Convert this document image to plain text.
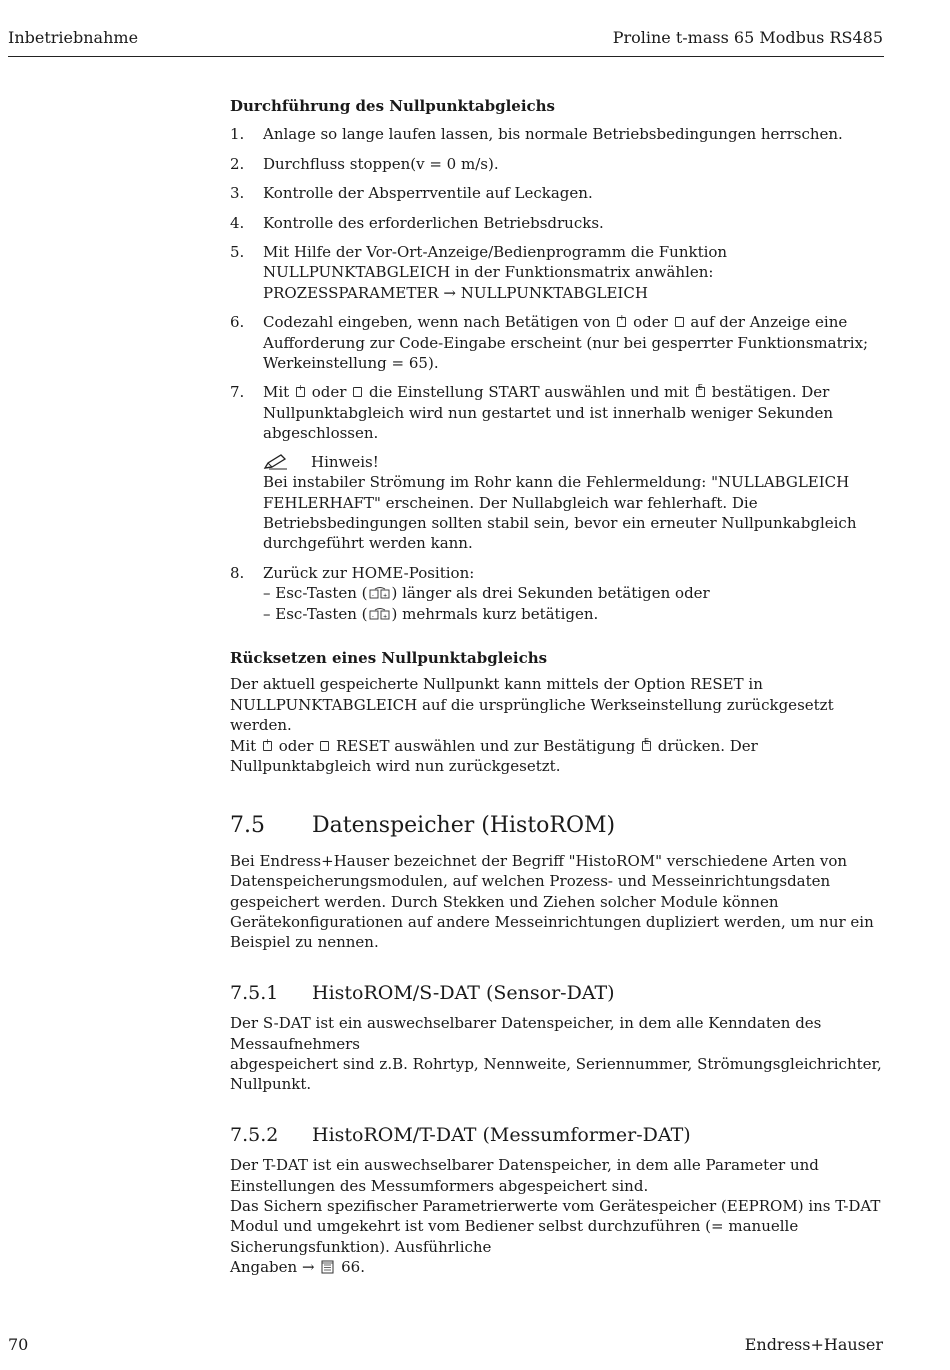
Inbetriebnahme	Proline t-mass 65 Modbus RS485
Durchführung des Nullpunktabgleichs
1. Anlage so lange laufen lassen, bis normale Betriebsbedingungen herrschen.
2. Durchfluss stoppen(v = 0 m/s).
3. Kontrolle der Absperrventile auf Leckagen.
4. Kontrolle des erforderlichen Betriebsdrucks.
5. Mit Hilfe der Vor-Ort-Anzeige/Bedienprogramm die Funktion NULLPUNKTABGLEICH in der Funktionsmatrix anwählen:
PROZESSPARAMETER → NULLPUNKTABGLEICH
6. Codezahl eingeben, wenn nach Betätigen von + oder − auf der Anzeige eine Aufforderung zur Code-Eingabe erscheint (nur bei gesperrter Funktionsmatrix; Werkeinstellung = 65).
7. Mit + oder − die Einstellung START auswählen und mit E bestätigen. Der Nullpunktabgleich wird nun gestartet und ist innerhalb weniger Sekunden abgeschlossen.
Hinweis!
Bei instabiler Strömung im Rohr kann die Fehlermeldung: "NULLABGLEICH FEHLERHAFT" erscheinen. Der Nullabgleich war fehlerhaft. Die Betriebsbedingungen sollten stabil sein, bevor ein erneuter Nullpunkabgleich durchgeführt werden kann.
8. Zurück zur HOME-Position:
– Esc-Tasten ( - + ) länger als drei Sekunden betätigen oder
– Esc-Tasten ( - + ) mehrmals kurz betätigen.
Rücksetzen eines Nullpunktabgleichs

Der aktuell gespeicherte Nullpunkt kann mittels der Option RESET in NULLPUNKTABGLEICH auf die ursprüngliche Werkseinstellung zurückgesetzt werden.

Mit + oder − RESET auswählen und zur Bestätigung E drücken. Der Nullpunktabgleich wird nun zurückgesetzt.

7.5	Datenspeicher (HistoROM)

Bei Endress+Hauser bezeichnet der Begriff "HistoROM" verschiedene Arten von Datenspeicherungsmodulen, auf welchen Prozess- und Messeinrichtungsdaten gespeichert werden. Durch Stekken und Ziehen solcher Module können Gerätekonfigurationen auf andere Messeinrichtungen dupliziert werden, um nur ein Beispiel zu nennen.

7.5.1	HistoROM/S-DAT (Sensor-DAT)

Der S-DAT ist ein auswechselbarer Datenspeicher, in dem alle Kenndaten des Messaufnehmers

abgespeichert sind z.B. Rohrtyp, Nennweite, Seriennummer, Strömungsgleichrichter, Nullpunkt.

7.5.2	HistoROM/T-DAT (Messumformer-DAT)

Der T-DAT ist ein auswechselbarer Datenspeicher, in dem alle Parameter und Einstellungen des Messumformers abgespeichert sind.

Das Sichern spezifischer Parametrierwerte vom Gerätespeicher (EEPROM) ins T-DAT Modul und umgekehrt ist vom Bediener selbst durchzuführen (= manuelle Sicherungsfunktion). Ausführliche

Angaben → 66.

70	Endress+Hauser
